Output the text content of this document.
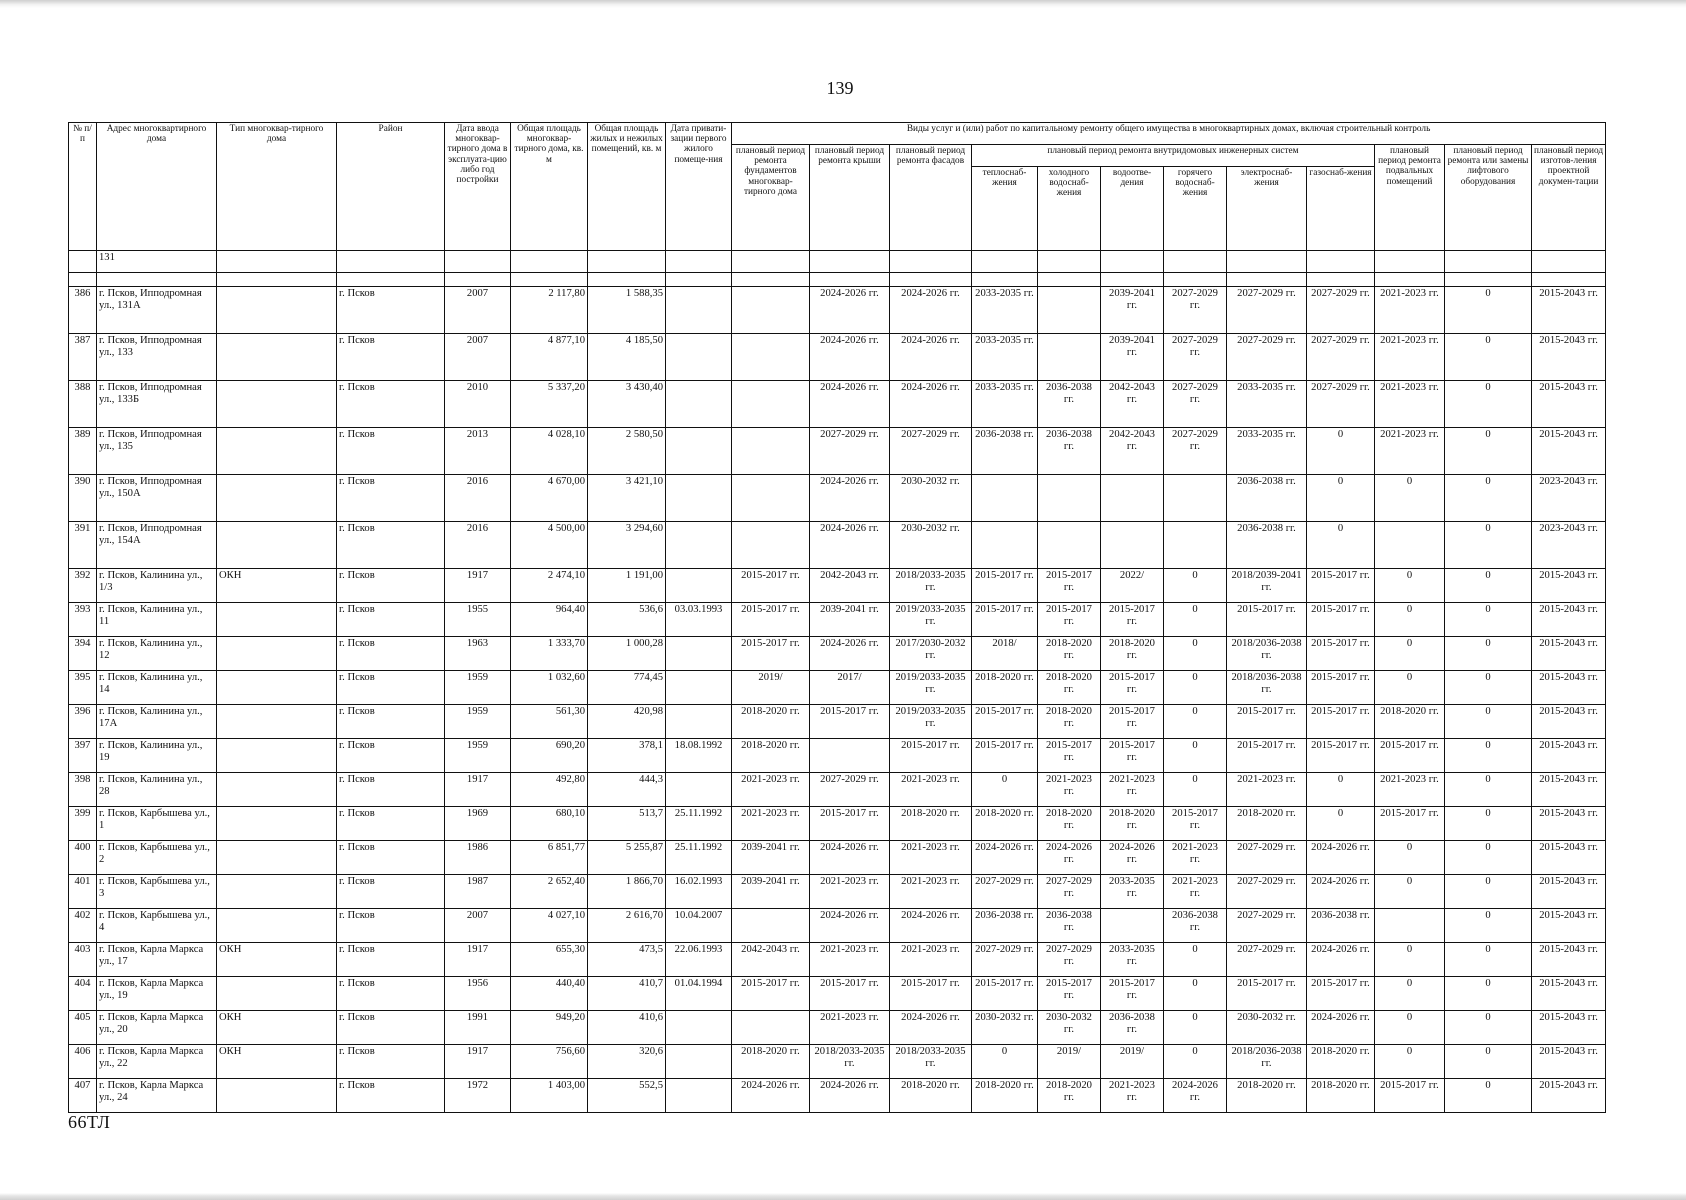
139
№ п/п	Адрес многоквартирного дома	Тип многоквар-тирного дома	Район	Дата ввода многоквар-тирного дома в эксплуата-цию либо год постройки	Общая площадь многоквар-тирного дома, кв. м	Общая площадь жилых и нежилых помещений, кв. м	Дата привати-зации первого жилого помеще-ния	Виды услуг и (или) работ по капитальному ремонту общего имущества в многоквартирных домах, включая строительный контроль											
								плановый период ремонта фундаментов многоквар-тирного дома	плановый период ремонта крыши	плановый период ремонта фасадов	плановый период ремонта внутридомовых инженерных систем						плановый период ремонта подвальных помещений	плановый период ремонта или замены лифтового оборудования	плановый период изготов-ления проектной докумен-тации
											теплоснаб-жения	холодного водоснаб-жения	водоотве-дения	горячего водоснаб-жения	электроснаб-жения	газоснаб-жения			
	131																		

386	г. Псков, Ипподромная ул., 131А		г. Псков	2007	2 117,80	1 588,35			2024-2026 гг.	2024-2026 гг.	2033-2035 гг.		2039-2041 гг.	2027-2029 гг.	2027-2029 гг.	2027-2029 гг.	2021-2023 гг.	0	2015-2043 гг.
387	г. Псков, Ипподромная ул., 133		г. Псков	2007	4 877,10	4 185,50			2024-2026 гг.	2024-2026 гг.	2033-2035 гг.		2039-2041 гг.	2027-2029 гг.	2027-2029 гг.	2027-2029 гг.	2021-2023 гг.	0	2015-2043 гг.
388	г. Псков, Ипподромная ул., 133Б		г. Псков	2010	5 337,20	3 430,40			2024-2026 гг.	2024-2026 гг.	2033-2035 гг.	2036-2038 гг.	2042-2043 гг.	2027-2029 гг.	2033-2035 гг.	2027-2029 гг.	2021-2023 гг.	0	2015-2043 гг.
389	г. Псков, Ипподромная ул., 135		г. Псков	2013	4 028,10	2 580,50			2027-2029 гг.	2027-2029 гг.	2036-2038 гг.	2036-2038 гг.	2042-2043 гг.	2027-2029 гг.	2033-2035 гг.	0	2021-2023 гг.	0	2015-2043 гг.
390	г. Псков, Ипподромная ул., 150А		г. Псков	2016	4 670,00	3 421,10			2024-2026 гг.	2030-2032 гг.					2036-2038 гг.	0	0	0	2023-2043 гг.
391	г. Псков, Ипподромная ул., 154А		г. Псков	2016	4 500,00	3 294,60			2024-2026 гг.	2030-2032 гг.					2036-2038 гг.	0		0	2023-2043 гг.
392	г. Псков, Калинина ул., 1/3	ОКН	г. Псков	1917	2 474,10	1 191,00		2015-2017 гг.	2042-2043 гг.	2018/2033-2035 гг.	2015-2017 гг.	2015-2017 гг.	2022/	0	2018/2039-2041 гг.	2015-2017 гг.	0	0	2015-2043 гг.
393	г. Псков, Калинина ул., 11		г. Псков	1955	964,40	536,6	03.03.1993	2015-2017 гг.	2039-2041 гг.	2019/2033-2035 гг.	2015-2017 гг.	2015-2017 гг.	2015-2017 гг.	0	2015-2017 гг.	2015-2017 гг.	0	0	2015-2043 гг.
394	г. Псков, Калинина ул., 12		г. Псков	1963	1 333,70	1 000,28		2015-2017 гг.	2024-2026 гг.	2017/2030-2032 гг.	2018/	2018-2020 гг.	2018-2020 гг.	0	2018/2036-2038 гг.	2015-2017 гг.	0	0	2015-2043 гг.
395	г. Псков, Калинина ул., 14		г. Псков	1959	1 032,60	774,45		2019/	2017/	2019/2033-2035 гг.	2018-2020 гг.	2018-2020 гг.	2015-2017 гг.	0	2018/2036-2038 гг.	2015-2017 гг.	0	0	2015-2043 гг.
396	г. Псков, Калинина ул., 17А		г. Псков	1959	561,30	420,98		2018-2020 гг.	2015-2017 гг.	2019/2033-2035 гг.	2015-2017 гг.	2018-2020 гг.	2015-2017 гг.	0	2015-2017 гг.	2015-2017 гг.	2018-2020 гг.	0	2015-2043 гг.
397	г. Псков, Калинина ул., 19		г. Псков	1959	690,20	378,1	18.08.1992	2018-2020 гг.		2015-2017 гг.	2015-2017 гг.	2015-2017 гг.	2015-2017 гг.	0	2015-2017 гг.	2015-2017 гг.	2015-2017 гг.	0	2015-2043 гг.
398	г. Псков, Калинина ул., 28		г. Псков	1917	492,80	444,3		2021-2023 гг.	2027-2029 гг.	2021-2023 гг.	0	2021-2023 гг.	2021-2023 гг.	0	2021-2023 гг.	0	2021-2023 гг.	0	2015-2043 гг.
399	г. Псков, Карбышева ул., 1		г. Псков	1969	680,10	513,7	25.11.1992	2021-2023 гг.	2015-2017 гг.	2018-2020 гг.	2018-2020 гг.	2018-2020 гг.	2018-2020 гг.	2015-2017 гг.	2018-2020 гг.	0	2015-2017 гг.	0	2015-2043 гг.
400	г. Псков, Карбышева ул., 2		г. Псков	1986	6 851,77	5 255,87	25.11.1992	2039-2041 гг.	2024-2026 гг.	2021-2023 гг.	2024-2026 гг.	2024-2026 гг.	2024-2026 гг.	2021-2023 гг.	2027-2029 гг.	2024-2026 гг.	0	0	2015-2043 гг.
401	г. Псков, Карбышева ул., 3		г. Псков	1987	2 652,40	1 866,70	16.02.1993	2039-2041 гг.	2021-2023 гг.	2021-2023 гг.	2027-2029 гг.	2027-2029 гг.	2033-2035 гг.	2021-2023 гг.	2027-2029 гг.	2024-2026 гг.	0	0	2015-2043 гг.
402	г. Псков, Карбышева ул., 4		г. Псков	2007	4 027,10	2 616,70	10.04.2007		2024-2026 гг.	2024-2026 гг.	2036-2038 гг.	2036-2038 гг.		2036-2038 гг.	2027-2029 гг.	2036-2038 гг.		0	2015-2043 гг.
403	г. Псков, Карла Маркса ул., 17	ОКН	г. Псков	1917	655,30	473,5	22.06.1993	2042-2043 гг.	2021-2023 гг.	2021-2023 гг.	2027-2029 гг.	2027-2029 гг.	2033-2035 гг.	0	2027-2029 гг.	2024-2026 гг.	0	0	2015-2043 гг.
404	г. Псков, Карла Маркса ул., 19		г. Псков	1956	440,40	410,7	01.04.1994	2015-2017 гг.	2015-2017 гг.	2015-2017 гг.	2015-2017 гг.	2015-2017 гг.	2015-2017 гг.	0	2015-2017 гг.	2015-2017 гг.	0	0	2015-2043 гг.
405	г. Псков, Карла Маркса ул., 20	ОКН	г. Псков	1991	949,20	410,6			2021-2023 гг.	2024-2026 гг.	2030-2032 гг.	2030-2032 гг.	2036-2038 гг.	0	2030-2032 гг.	2024-2026 гг.	0	0	2015-2043 гг.
406	г. Псков, Карла Маркса ул., 22	ОКН	г. Псков	1917	756,60	320,6		2018-2020 гг.	2018/2033-2035 гг.	2018/2033-2035 гг.	0	2019/	2019/	0	2018/2036-2038 гг.	2018-2020 гг.	0	0	2015-2043 гг.
407	г. Псков, Карла Маркса ул., 24		г. Псков	1972	1 403,00	552,5		2024-2026 гг.	2024-2026 гг.	2018-2020 гг.	2018-2020 гг.	2018-2020 гг.	2021-2023 гг.	2024-2026 гг.	2018-2020 гг.	2018-2020 гг.	2015-2017 гг.	0	2015-2043 гг.
66ТЛ
